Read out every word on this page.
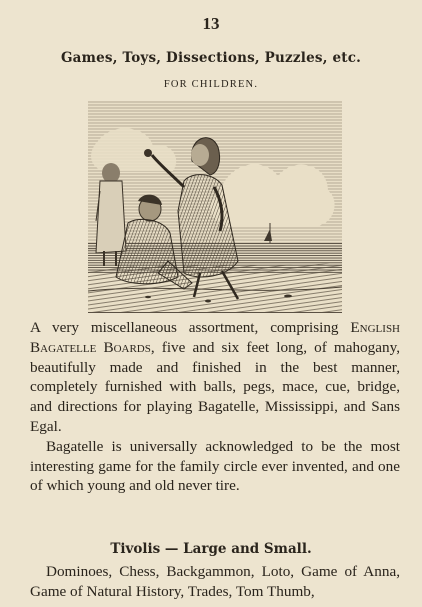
13
Games, Toys, Dissections, Puzzles, etc.
FOR CHILDREN.

A very miscellaneous assortment, comprising English Bagatelle Boards, five and six feet long, of mahogany, beautifully made and finished in the best manner, completely furnished with balls, pegs, mace, cue, bridge, and directions for playing Bagatelle, Mississippi, and Sans Egal.

Bagatelle is universally acknowledged to be the most interesting game for the family circle ever invented, and one of which young and old never tire.

Tivolis — Large and Small.
Dominoes, Chess, Backgammon, Loto, Game of Anna, Game of Natural History, Trades, Tom Thumb,
